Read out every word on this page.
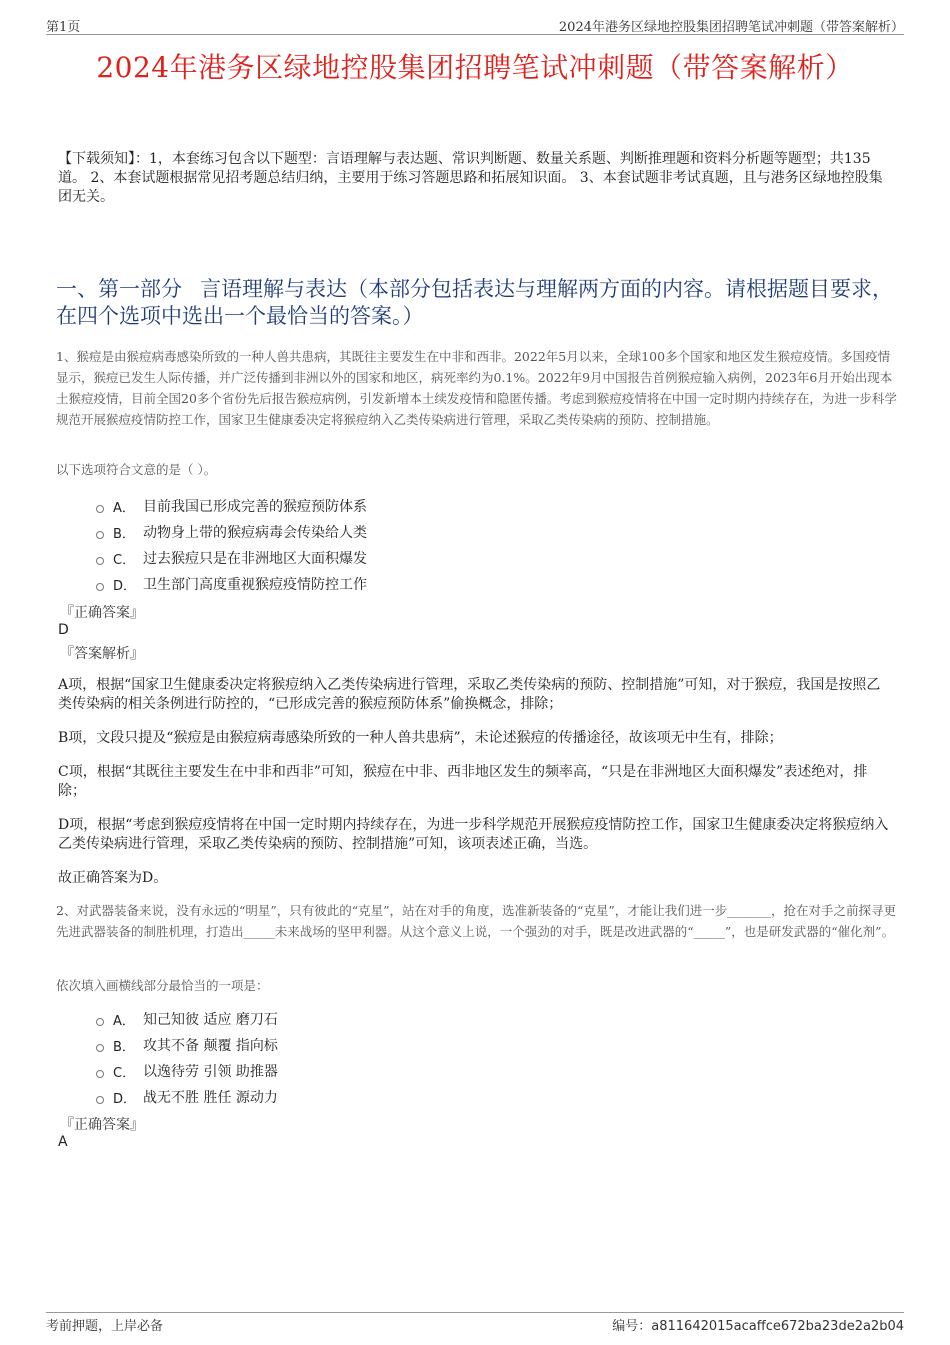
第1页	2024年港务区绿地控股集团招聘笔试冲刺题（带答案解析）
2024年港务区绿地控股集团招聘笔试冲刺题（带答案解析）
【下载须知】：1，本套练习包含以下题型：言语理解与表达题、常识判断题、数量关系题、判断推理题和资料分析题等题型；共135道。 2、本套试题根据常见招考题总结归纳，主要用于练习答题思路和拓展知识面。 3、本套试题非考试真题，且与港务区绿地控股集团无关。
一、第一部分 言语理解与表达（本部分包括表达与理解两方面的内容。请根据题目要求，在四个选项中选出一个最恰当的答案。）
1、猴痘是由猴痘病毒感染所致的一种人兽共患病，其既往主要发生在中非和西非。2022年5月以来，全球100多个国家和地区发生猴痘疫情。多国疫情显示，猴痘已发生人际传播，并广泛传播到非洲以外的国家和地区，病死率约为0.1%。2022年9月中国报告首例猴痘输入病例，2023年6月开始出现本土猴痘疫情，目前全国20多个省份先后报告猴痘病例，引发新增本土续发疫情和隐匿传播。考虑到猴痘疫情将在中国一定时期内持续存在，为进一步科学规范开展猴痘疫情防控工作，国家卫生健康委决定将猴痘纳入乙类传染病进行管理，采取乙类传染病的预防、控制措施。
以下选项符合文意的是（ ）。
A． 目前我国已形成完善的猴痘预防体系
B． 动物身上带的猴痘病毒会传染给人类
C． 过去猴痘只是在非洲地区大面积爆发
D． 卫生部门高度重视猴痘疫情防控工作
『正确答案』
D
『答案解析』

A项，根据“国家卫生健康委决定将猴痘纳入乙类传染病进行管理，采取乙类传染病的预防、控制措施”可知，对于猴痘，我国是按照乙类传染病的相关条例进行防控的，“已形成完善的猴痘预防体系”偷换概念，排除；

B项，文段只提及“猴痘是由猴痘病毒感染所致的一种人兽共患病”，未论述猴痘的传播途径，故该项无中生有，排除；

C项，根据“其既往主要发生在中非和西非”可知，猴痘在中非、西非地区发生的频率高，“只是在非洲地区大面积爆发”表述绝对，排除；

D项，根据“考虑到猴痘疫情将在中国一定时期内持续存在，为进一步科学规范开展猴痘疫情防控工作，国家卫生健康委决定将猴痘纳入乙类传染病进行管理，采取乙类传染病的预防、控制措施”可知，该项表述正确，当选。

故正确答案为D。

2、对武器装备来说，没有永远的“明星”，只有彼此的“克星”，站在对手的角度，选准新装备的“克星”，才能让我们进一步_______，抢在对手之前探寻更先进武器装备的制胜机理，打造出_____未来战场的坚甲利器。从这个意义上说，一个强劲的对手，既是改进武器的“_____”，也是研发武器的“催化剂”。
依次填入画横线部分最恰当的一项是：
A． 知己知彼 适应 磨刀石
B． 攻其不备 颠覆 指向标
C． 以逸待劳 引领 助推器
D． 战无不胜 胜任 源动力
『正确答案』
A
考前押题，上岸必备	编号：a811642015acaffce672ba23de2a2b04
